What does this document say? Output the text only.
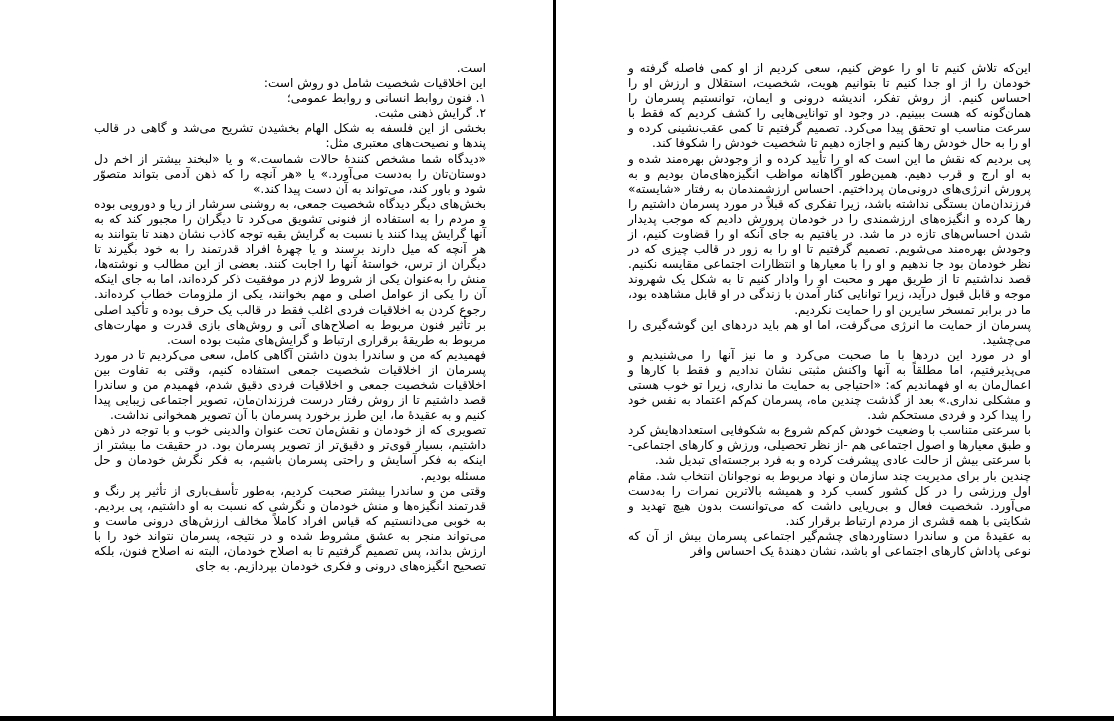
است.

این اخلاقیات شخصیت شامل دو روش است:

۱. فنون روابط انسانی و روابط عمومی؛

۲. گرایش ذهنی مثبت.

بخشی از این فلسفه به شکل الهام بخشیدن تشریح می‌شد و گاهی در قالب پندها و نصیحت‌های معتبری مثل:

«دیدگاه شما مشخص کنندهٔ حالات شماست.» و یا «لبخند بیشتر از اخم دل دوستان‌تان را به‌دست می‌آورد.» یا «هر آنچه را که ذهن آدمی بتواند متصوّر شود و باور کند، می‌تواند به آن دست پیدا کند.»

بخش‌های دیگر دیدگاه شخصیت جمعی، به روشنی سرشار از ریا و دورویی بوده و مردم را به استفاده از فنونی تشویق می‌کرد تا دیگران را مجبور کند که به آنها گرایش پیدا کنند یا نسبت به گرایش بقیه توجه کاذب نشان دهند تا بتوانند به هر آنچه که میل دارند برسند و یا چهرهٔ افراد قدرتمند را به خود بگیرند تا دیگران از ترس، خواستهٔ آنها را اجابت کنند. بعضی از این مطالب و نوشته‌ها، منش را به‌عنوان یکی از شروط لازم در موفقیت ذکر کرده‌اند، اما به جای اینکه آن را یکی از عوامل اصلی و مهم بخوانند، یکی از ملزومات خطاب کرده‌اند. رجوع کردن به اخلاقیات فردی اغلب فقط در قالب یک حرف بوده و تأکید اصلی بر تأثیر فنون مربوط به اصلاح‌های آنی و روش‌های بازی قدرت و مهارت‌های مربوط به طریقهٔ برقراری ارتباط و گرایش‌های مثبت بوده است.

فهمیدیم که من و ساندرا بدون داشتن آگاهی کامل، سعی می‌کردیم تا در مورد پسرمان از اخلاقیات شخصیت جمعی استفاده کنیم، وقتی به تفاوت بین اخلاقیات شخصیت جمعی و اخلاقیات فردی دقیق شدم، فهمیدم من و ساندرا قصد داشتیم تا از روش رفتار درست فرزندان‌مان، تصویر اجتماعی زیبایی پیدا کنیم و به عقیدهٔ ما، این طرز برخورد پسرمان با آن تصویر همخوانی نداشت.

تصویری که از خودمان و نقش‌مان تحت عنوان والدینی خوب و با توجه در ذهن داشتیم، بسیار قوی‌تر و دقیق‌تر از تصویر پسرمان بود. در حقیقت ما بیشتر از اینکه به فکر آسایش و راحتی پسرمان باشیم، به فکر نگرش خودمان و حل مسئله بودیم.

وقتی من و ساندرا بیشتر صحبت کردیم، به‌طور تأسف‌باری از تأثیر پر رنگ و قدرتمند انگیزه‌ها و منش خودمان و نگرشی که نسبت به او داشتیم، پی بردیم. به خوبی می‌دانستیم که قیاس افراد کاملاً مخالف ارزش‌های درونی ماست و می‌تواند منجر به عشق مشروط شده و در نتیجه، پسرمان نتواند خود را با ارزش بداند، پس تصمیم گرفتیم تا به اصلاح خودمان، البته نه اصلاح فنون، بلکه تصحیح انگیزه‌های درونی و فکری خودمان بپردازیم. به جای

این‌که تلاش کنیم تا او را عوض کنیم، سعی کردیم از او کمی فاصله گرفته و خودمان را از او جدا کنیم تا بتوانیم هویت، شخصیت، استقلال و ارزش او را احساس کنیم. از روش تفکر، اندیشه درونی و ایمان، توانستیم پسرمان را همان‌گونه که هست ببینیم. در وجود او توانایی‌هایی را کشف کردیم که فقط با سرعت مناسب او تحقق پیدا می‌کرد. تصمیم گرفتیم تا کمی عقب‌نشینی کرده و او را به حال خودش رها کنیم و اجازه دهیم تا شخصیت خودش را شکوفا کند.

پی بردیم که نقش ما این است که او را تأیید کرده و از وجودش بهره‌مند شده و به او ارج و قرب دهیم. همین‌طور آگاهانه مواظب انگیزه‌های‌مان بودیم و به پرورش انرژی‌های درونی‌مان پرداختیم. احساس ارزشمندمان به رفتار «شایسته» فرزندان‌مان بستگی نداشته باشد، زیرا تفکری که قبلاً در مورد پسرمان داشتیم را رها کرده و انگیزه‌های ارزشمندی را در خودمان پرورش دادیم که موجب پدیدار شدن احساس‌های تازه در ما شد. در یافتیم به جای آنکه او را قضاوت کنیم، از وجودش بهره‌مند می‌شویم. تصمیم گرفتیم تا او را به زور در قالب چیزی که در نظر خودمان بود جا ندهیم و او را با معیارها و انتظارات اجتماعی مقایسه نکنیم. قصد نداشتیم تا از طریق مهر و محبت او را وادار کنیم تا به شکل یک شهروند موجه و قابل قبول درآید، زیرا توانایی کنار آمدن با زندگی در او قابل مشاهده بود، ما در برابر تمسخر سایرین او را حمایت نکردیم.

پسرمان از حمایت ما انرژی می‌گرفت، اما او هم باید دردهای این گوشه‌گیری را می‌چشید.

او در مورد این دردها با ما صحبت می‌کرد و ما نیز آنها را می‌شنیدیم و می‌پذیرفتیم، اما مطلقاً به آنها واکنش مثبتی نشان ندادیم و فقط با کارها و اعمال‌مان به او فهماندیم که: «احتیاجی به حمایت ما نداری، زیرا تو خوب هستی و مشکلی نداری.» بعد از گذشت چندین ماه، پسرمان کم‌کم اعتماد به نفس خود را پیدا کرد و فردی مستحکم شد.

با سرعتی متناسب با وضعیت خودش کم‌کم شروع به شکوفایی استعدادهایش کرد و طبق معیارها و اصول اجتماعی هم -از نظر تحصیلی، ورزش و کارهای اجتماعی- با سرعتی بیش از حالت عادی پیشرفت کرده و به فرد برجسته‌ای تبدیل شد.

چندین بار برای مدیریت چند سازمان و نهاد مربوط به نوجوانان انتخاب شد. مقام اول ورزشی را در کل کشور کسب کرد و همیشه بالاترین نمرات را به‌دست می‌آورد. شخصیت فعال و بی‌ریایی داشت که می‌توانست بدون هیچ تهدید و شکایتی با همه قشری از مردم ارتباط برقرار کند.

به عقیدهٔ من و ساندرا دستاوردهای چشم‌گیر اجتماعی پسرمان بیش از آن که نوعی پاداش کارهای اجتماعی او باشد، نشان دهندهٔ یک احساس وافر
